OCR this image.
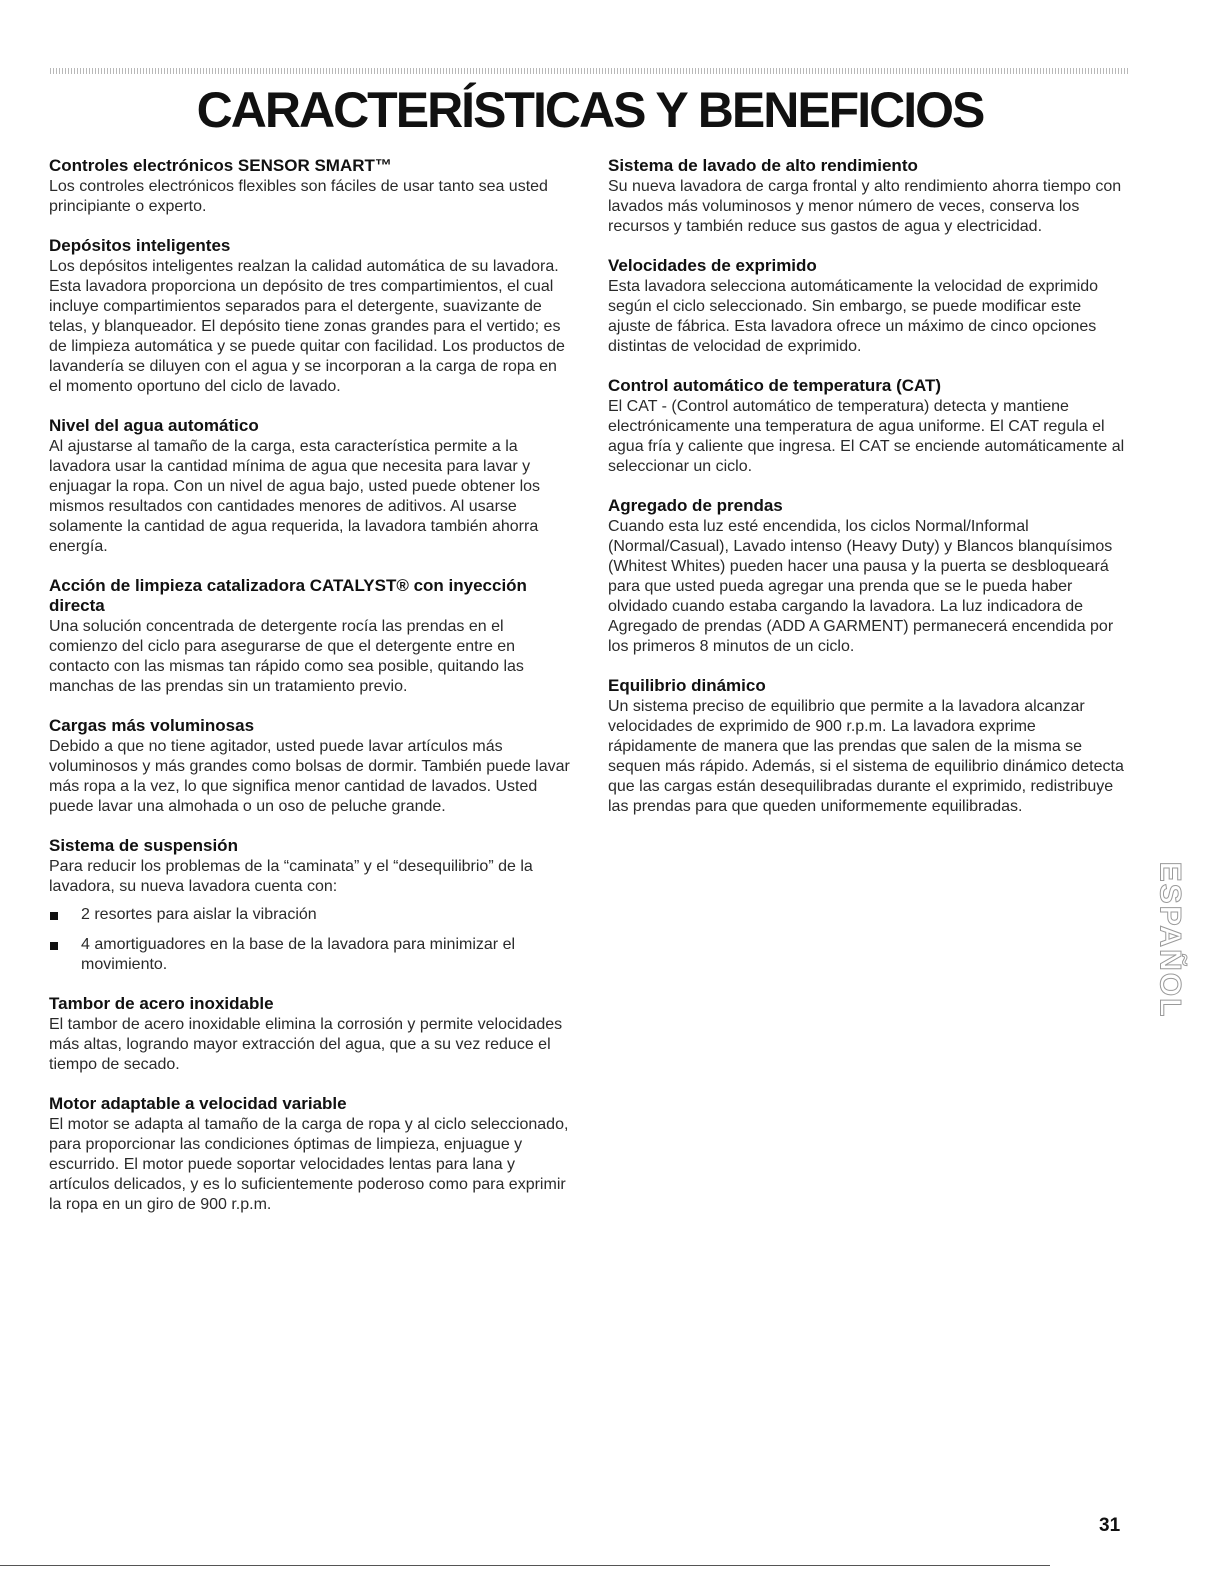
CARACTERÍSTICAS Y BENEFICIOS
Controles electrónicos SENSOR SMART™

Los controles electrónicos flexibles son fáciles de usar tanto sea usted principiante o experto.

Depósitos inteligentes

Los depósitos inteligentes realzan la calidad automática de su lavadora. Esta lavadora proporciona un depósito de tres compartimientos, el cual incluye compartimientos separados para el detergente, suavizante de telas, y blanqueador. El depósito tiene zonas grandes para el vertido; es de limpieza automática y se puede quitar con facilidad. Los productos de lavandería se diluyen con el agua y se incorporan a la carga de ropa en el momento oportuno del ciclo de lavado.

Nivel del agua automático

Al ajustarse al tamaño de la carga, esta característica permite a la lavadora usar la cantidad mínima de agua que necesita para lavar y enjuagar la ropa. Con un nivel de agua bajo, usted puede obtener los mismos resultados con cantidades menores de aditivos. Al usarse solamente la cantidad de agua requerida, la lavadora también ahorra energía.

Acción de limpieza catalizadora CATALYST® con inyección directa

Una solución concentrada de detergente rocía las prendas en el comienzo del ciclo para asegurarse de que el detergente entre en contacto con las mismas tan rápido como sea posible, quitando las manchas de las prendas sin un tratamiento previo.

Cargas más voluminosas

Debido a que no tiene agitador, usted puede lavar artículos más voluminosos y más grandes como bolsas de dormir. También puede lavar más ropa a la vez, lo que significa menor cantidad de lavados. Usted puede lavar una almohada o un oso de peluche grande.

Sistema de suspensión

Para reducir los problemas de la “caminata” y el “desequilibrio” de la lavadora, su nueva lavadora cuenta con:

2 resortes para aislar la vibración
4 amortiguadores en la base de la lavadora para minimizar el movimiento.
Tambor de acero inoxidable

El tambor de acero inoxidable elimina la corrosión y permite velocidades más altas, logrando mayor extracción del agua, que a su vez reduce el tiempo de secado.

Motor adaptable a velocidad variable

El motor se adapta al tamaño de la carga de ropa y al ciclo seleccionado, para proporcionar las condiciones óptimas de limpieza, enjuague y escurrido. El motor puede soportar velocidades lentas para lana y artículos delicados, y es lo suficientemente poderoso como para exprimir la ropa en un giro de 900 r.p.m.

Sistema de lavado de alto rendimiento

Su nueva lavadora de carga frontal y alto rendimiento ahorra tiempo con lavados más voluminosos y menor número de veces, conserva los recursos y también reduce sus gastos de agua y electricidad.

Velocidades de exprimido

Esta lavadora selecciona automáticamente la velocidad de exprimido según el ciclo seleccionado. Sin embargo, se puede modificar este ajuste de fábrica. Esta lavadora ofrece un máximo de cinco opciones distintas de velocidad de exprimido.

Control automático de temperatura (CAT)

El CAT - (Control automático de temperatura) detecta y mantiene electrónicamente una temperatura de agua uniforme. El CAT regula el agua fría y caliente que ingresa. El CAT se enciende automáticamente al seleccionar un ciclo.

Agregado de prendas

Cuando esta luz esté encendida, los ciclos Normal/Informal (Normal/Casual), Lavado intenso (Heavy Duty) y Blancos blanquísimos (Whitest Whites) pueden hacer una pausa y la puerta se desbloqueará para que usted pueda agregar una prenda que se le pueda haber olvidado cuando estaba cargando la lavadora. La luz indicadora de Agregado de prendas (ADD A GARMENT) permanecerá encendida por los primeros 8 minutos de un ciclo.

Equilibrio dinámico

Un sistema preciso de equilibrio que permite a la lavadora alcanzar velocidades de exprimido de 900 r.p.m. La lavadora exprime rápidamente de manera que las prendas que salen de la misma se sequen más rápido. Además, si el sistema de equilibrio dinámico detecta que las cargas están desequilibradas durante el exprimido, redistribuye las prendas para que queden uniformemente equilibradas.

ESPAÑOL
31
